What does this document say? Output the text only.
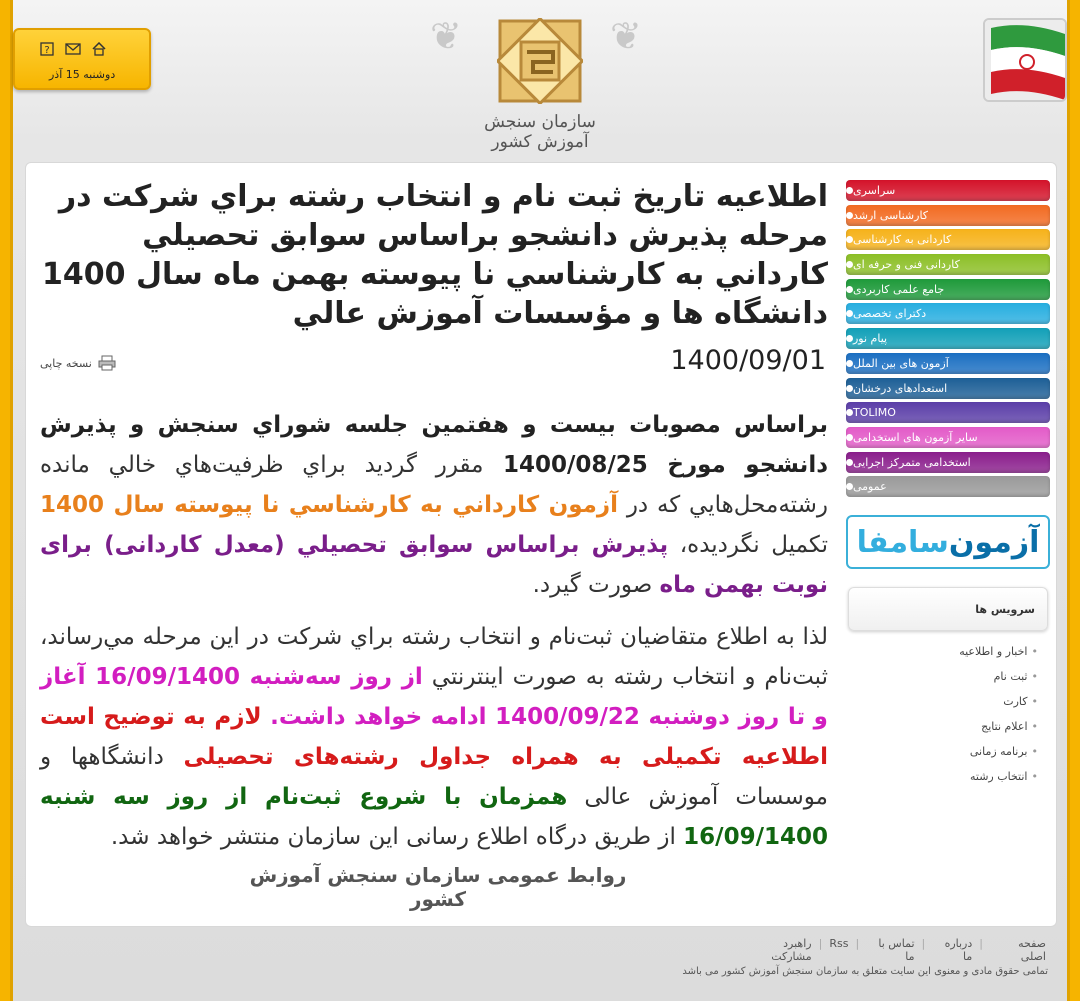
❦	❦
?
دوشنبه 15 آذر
سازمان سنجش آموزش کشور
اطلاعيه تاريخ ثبت نام و انتخاب رشته براي شركت در مرحله پذيرش دانشجو براساس سوابق تحصيلي كارداني به كارشناسي نا پيوسته بهمن ماه سال 1400 دانشگاه ها و مؤسسات آموزش عالي
1400/09/01
نسخه چاپی

براساس مصوبات بيست و هفتمين جلسه شوراي سنجش و پذيرش دانشجو مورخ 1400/08/25 مقرر گرديد براي ظرفيت‌هاي خالي مانده رشته‌محل‌هايي كه در آزمون كارداني به كارشناسي نا پيوسته سال 1400 تكميل نگرديده، پذيرش براساس سوابق تحصيلي (معدل کاردانی) برای نوبت بهمن ماه صورت گيرد.

لذا به اطلاع متقاضيان ثبت‌نام و انتخاب رشته براي شركت در اين مرحله مي‌رساند، ثبت‌نام و انتخاب رشته به صورت اينترنتي از روز سه‌شنبه 16/09/1400 آغاز و تا روز دوشنبه 1400/09/22 ادامه خواهد داشت. لازم به توضيح است اطلاعيه تكميلی به همراه جداول رشته‌های تحصيلی دانشگاهها و موسسات آموزش عالی همزمان با شروع ثبت‌نام از روز سه شنبه 16/09/1400 از طريق درگاه اطلاع رسانی اين سازمان منتشر خواهد شد.

روابط عمومی سازمان سنجش آموزش كشور
سراسری
کارشناسی ارشد
کاردانی به کارشناسی
کاردانی فنی و حرفه ای
جامع علمی کاربردی
دکترای تخصصی
پیام نور
آزمون های بین الملل
استعدادهای درخشان
TOLIMO
سایر آزمون های استخدامی
استخدامی متمرکز اجرایی
عمومی
آزمون
سامفا
سرویس ها
• اخبار و اطلاعیه
• ثبت نام
• کارت
• اعلام نتایج
• برنامه زمانی
• انتخاب رشته
صفحه اصلی
|
درباره ما
|
تماس با ما
|
Rss
|
راهبرد مشارکت
تمامی حقوق مادی و معنوی این سایت متعلق به سازمان سنجش آموزش کشور می باشد
